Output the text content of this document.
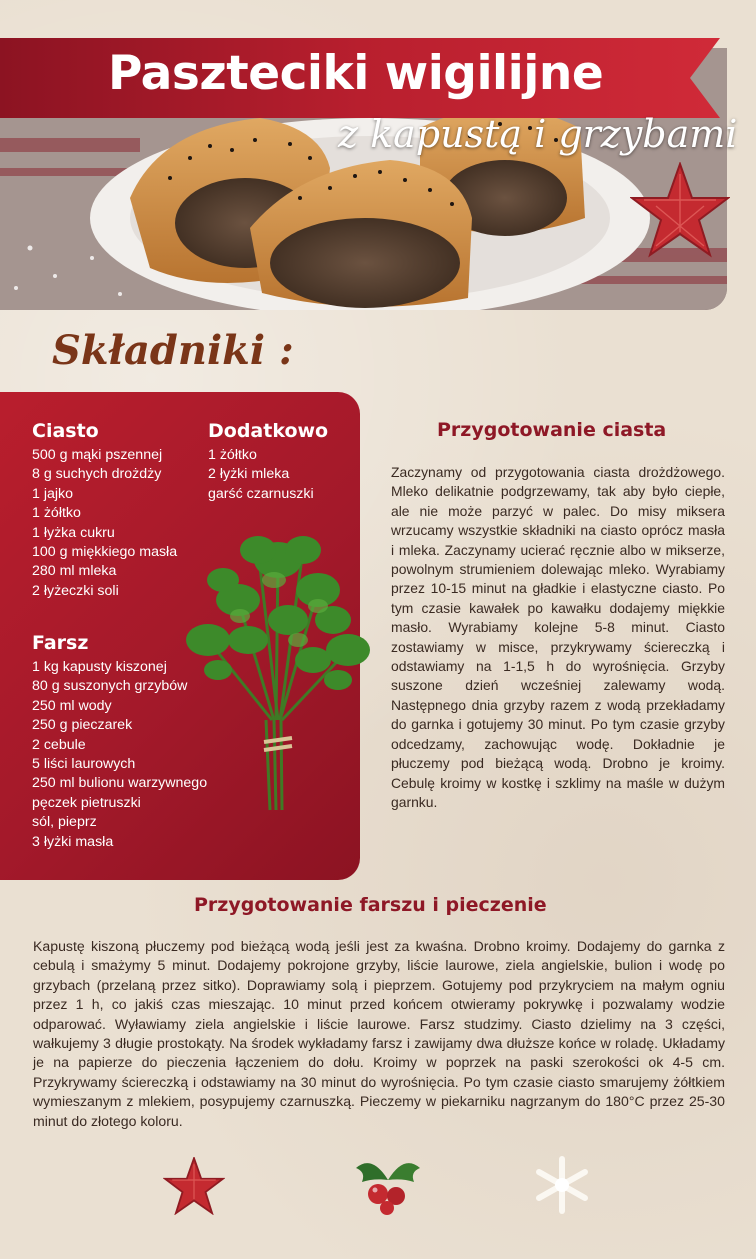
Paszteciki wigilijne
z kapustą i grzybami
Składniki :
Ciasto
500 g mąki pszennej
8 g suchych drożdży
1 jajko
1 żółtko
1 łyżka cukru
100 g miękkiego masła
280 ml mleka
2 łyżeczki soli
Dodatkowo
1 żółtko
2 łyżki mleka
garść czarnuszki
Farsz
1 kg kapusty kiszonej
80 g suszonych grzybów
250 ml wody
250 g pieczarek
2 cebule
5 liści laurowych
250 ml bulionu warzywnego
pęczek pietruszki
sól, pieprz
3 łyżki masła
Przygotowanie ciasta
Zaczynamy od przygotowania ciasta drożdżowego. Mleko delikatnie podgrzewamy, tak aby było ciepłe, ale nie może parzyć w palec. Do misy miksera wrzucamy wszystkie składniki na ciasto oprócz masła i mleka. Zaczynamy ucierać ręcznie albo w mikserze, powolnym strumieniem dolewając mleko. Wyrabiamy przez 10-15 minut na gładkie i elastyczne ciasto. Po tym czasie kawałek po kawałku dodajemy miękkie masło. Wyrabiamy kolejne 5-8 minut. Ciasto zostawiamy w misce, przykrywamy ściereczką i odstawiamy na 1-1,5 h do wyrośnięcia. Grzyby suszone dzień wcześniej zalewamy wodą. Następnego dnia grzyby razem z wodą przekładamy do garnka i gotujemy 30 minut. Po tym czasie grzyby odcedzamy, zachowując wodę. Dokładnie je płuczemy pod bieżącą wodą. Drobno je kroimy. Cebulę kroimy w kostkę i szklimy na maśle w dużym garnku.
Przygotowanie farszu i pieczenie
Kapustę kiszoną płuczemy pod bieżącą wodą jeśli jest za kwaśna. Drobno kroimy. Dodajemy do garnka z cebulą i smażymy 5 minut. Dodajemy pokrojone grzyby, liście laurowe, ziela angielskie, bulion i wodę po grzybach (przelaną przez sitko). Doprawiamy solą i pieprzem. Gotujemy pod przykryciem na małym ogniu przez 1 h, co jakiś czas mieszając. 10 minut przed końcem otwieramy pokrywkę i pozwalamy wodzie odparować. Wyławiamy ziela angielskie i liście laurowe. Farsz studzimy. Ciasto dzielimy na 3 części, wałkujemy 3 długie prostokąty. Na środek wykładamy farsz i zawijamy dwa dłuższe końce w roladę. Układamy je na papierze do pieczenia łączeniem do dołu. Kroimy w poprzek na paski szerokości ok 4-5 cm. Przykrywamy ściereczką i odstawiamy na 30 minut do wyrośnięcia. Po tym czasie ciasto smarujemy żółtkiem wymieszanym z mlekiem, posypujemy czarnuszką. Pieczemy w piekarniku nagrzanym do 180°C przez 25-30 minut do złotego koloru.
